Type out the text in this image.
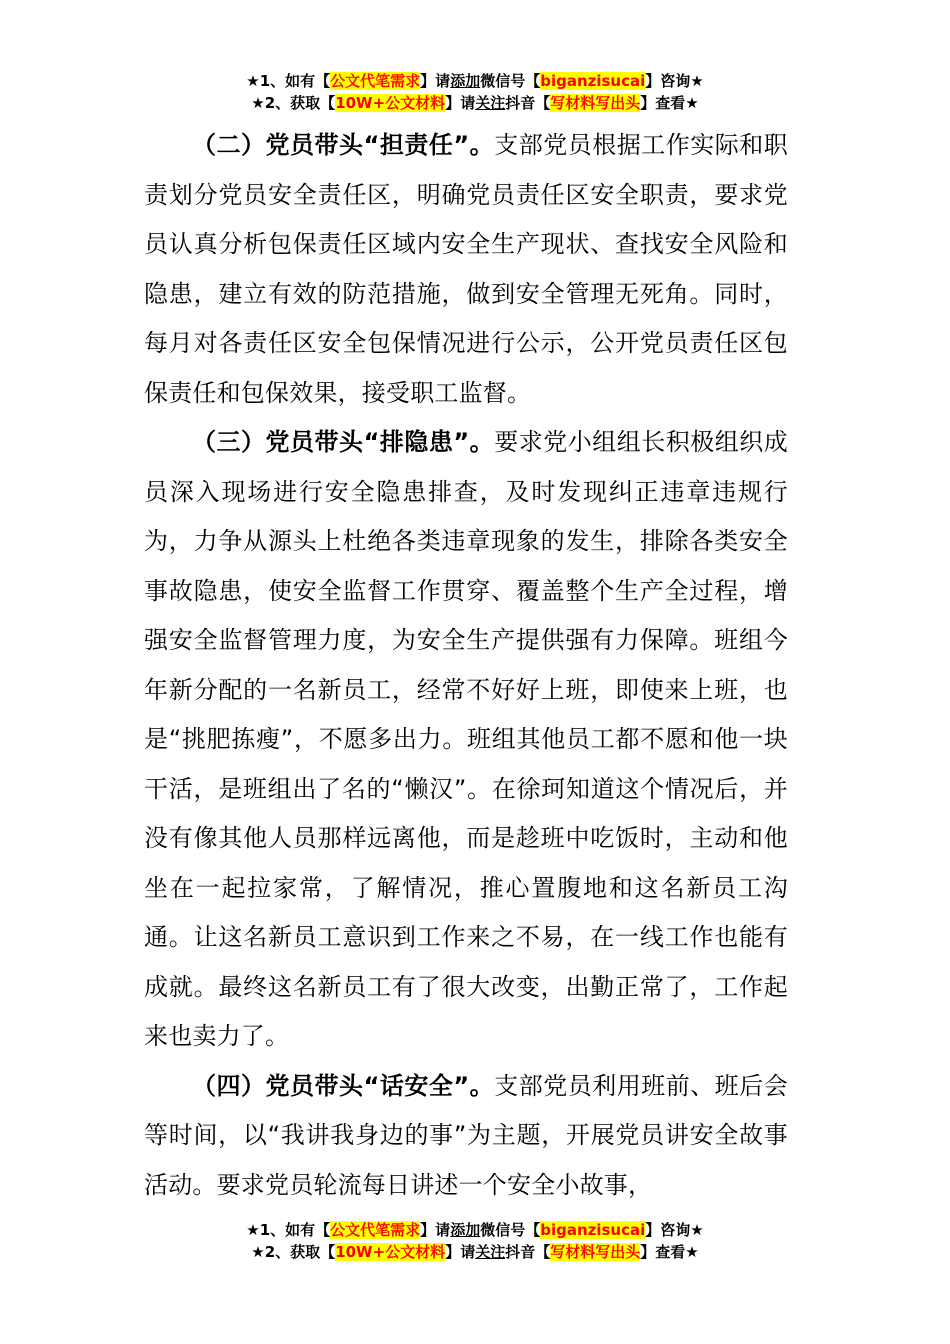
★1、如有【公文代笔需求】请添加微信号【biganzisucai】咨询★
★2、获取【10W+公文材料】请关注抖音【写材料写出头】查看★

（二）党员带头“担责任”。支部党员根据工作实际和职责划分党员安全责任区，明确党员责任区安全职责，要求党员认真分析包保责任区域内安全生产现状、查找安全风险和隐患，建立有效的防范措施，做到安全管理无死角。同时，每月对各责任区安全包保情况进行公示，公开党员责任区包保责任和包保效果，接受职工监督。

（三）党员带头“排隐患”。要求党小组组长积极组织成员深入现场进行安全隐患排查，及时发现纠正违章违规行为，力争从源头上杜绝各类违章现象的发生，排除各类安全事故隐患，使安全监督工作贯穿、覆盖整个生产全过程，增强安全监督管理力度，为安全生产提供强有力保障。班组今年新分配的一名新员工，经常不好好上班，即使来上班，也是“挑肥拣瘦”，不愿多出力。班组其他员工都不愿和他一块干活，是班组出了名的“懒汉”。在徐珂知道这个情况后，并没有像其他人员那样远离他，而是趁班中吃饭时，主动和他坐在一起拉家常，了解情况，推心置腹地和这名新员工沟通。让这名新员工意识到工作来之不易，在一线工作也能有成就。最终这名新员工有了很大改变，出勤正常了，工作起来也卖力了。

（四）党员带头“话安全”。支部党员利用班前、班后会等时间，以“我讲我身边的事”为主题，开展党员讲安全故事活动。要求党员轮流每日讲述一个安全小故事，

★1、如有【公文代笔需求】请添加微信号【biganzisucai】咨询★
★2、获取【10W+公文材料】请关注抖音【写材料写出头】查看★
